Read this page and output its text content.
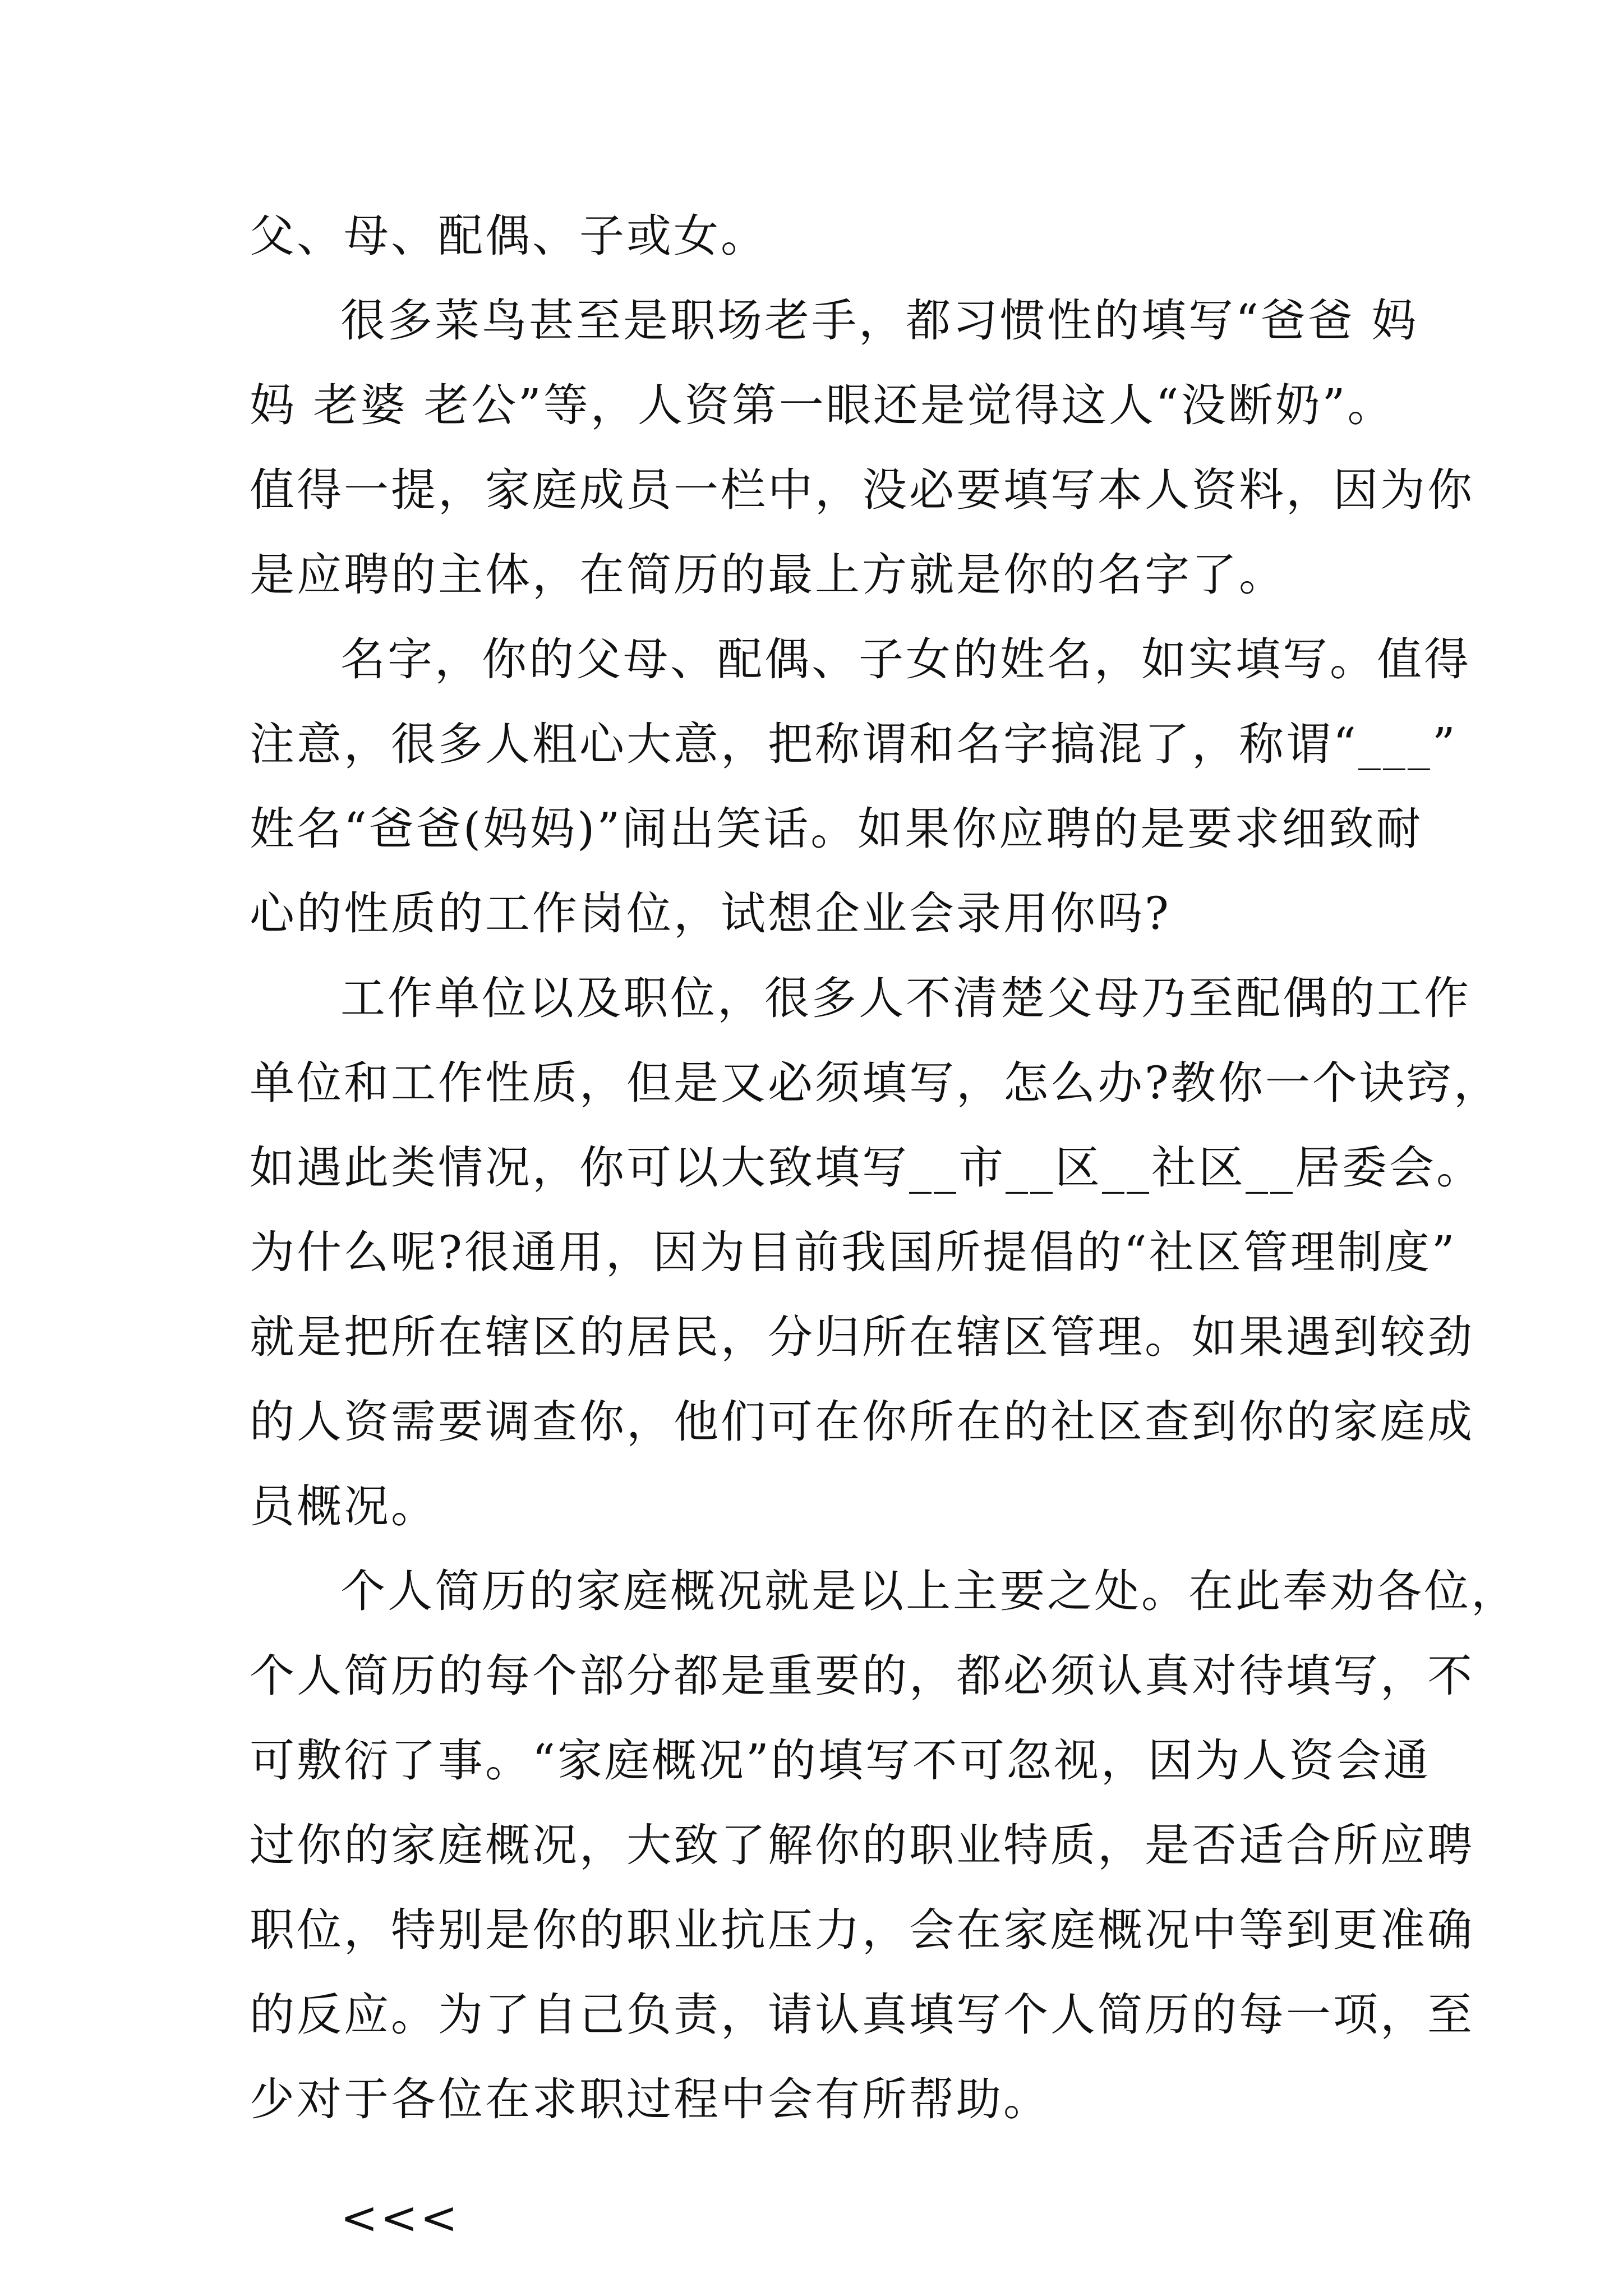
父、母、配偶、子或女。
很多菜鸟甚至是职场老手，都习惯性的填写“爸爸 妈
妈 老婆 老公”等，人资第一眼还是觉得这人“没断奶”。
值得一提，家庭成员一栏中，没必要填写本人资料，因为你
是应聘的主体，在简历的最上方就是你的名字了。
名字，你的父母、配偶、子女的姓名，如实填写。值得
注意，很多人粗心大意，把称谓和名字搞混了，称谓“___”
姓名“爸爸(妈妈)”闹出笑话。如果你应聘的是要求细致耐
心的性质的工作岗位，试想企业会录用你吗?
工作单位以及职位，很多人不清楚父母乃至配偶的工作
单位和工作性质，但是又必须填写，怎么办?教你一个诀窍，
如遇此类情况，你可以大致填写__市__区__社区__居委会。
为什么呢?很通用，因为目前我国所提倡的“社区管理制度”
就是把所在辖区的居民，分归所在辖区管理。如果遇到较劲
的人资需要调查你，他们可在你所在的社区查到你的家庭成
员概况。
个人简历的家庭概况就是以上主要之处。在此奉劝各位，
个人简历的每个部分都是重要的，都必须认真对待填写，不
可敷衍了事。“家庭概况”的填写不可忽视，因为人资会通
过你的家庭概况，大致了解你的职业特质，是否适合所应聘
职位，特别是你的职业抗压力，会在家庭概况中等到更准确
的反应。为了自己负责，请认真填写个人简历的每一项，至
少对于各位在求职过程中会有所帮助。
<<<
